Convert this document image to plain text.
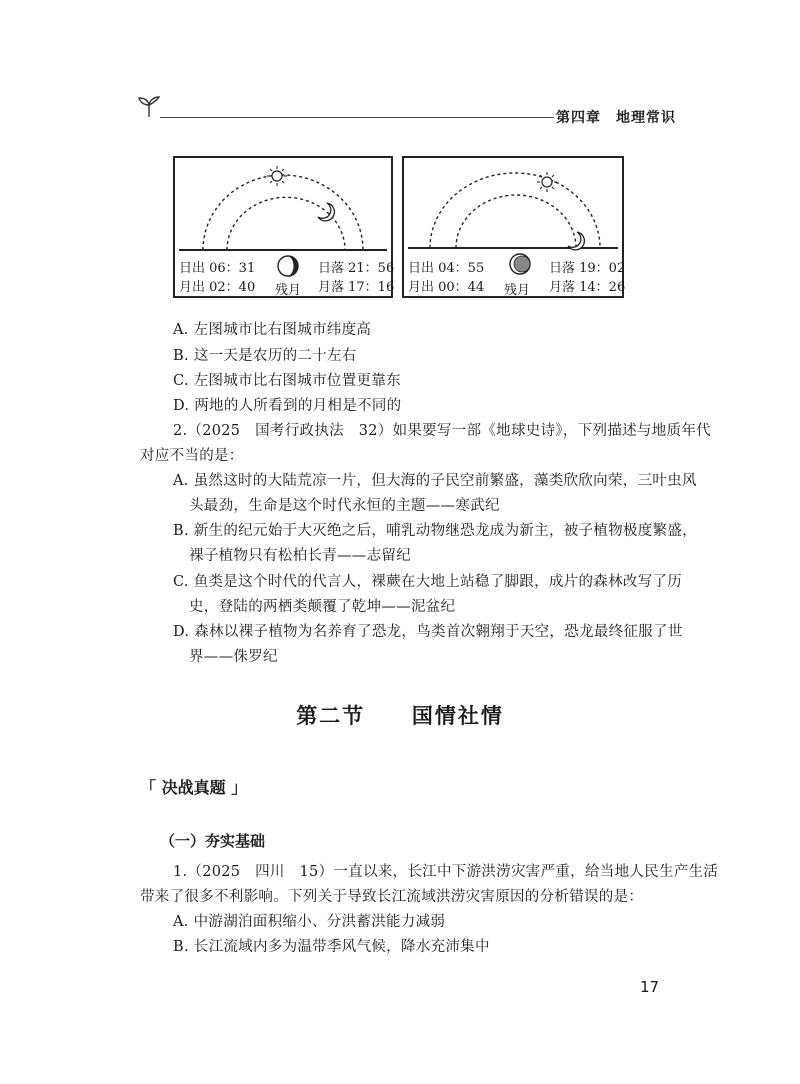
第四章　地理常识
日出 06：31
月出 02：40
日落 21：56
月落 17：16
残月
日出 04：55
月出 00：44
日落 19：02
月落 14：26
残月
A. 左图城市比右图城市纬度高
B. 这一天是农历的二十左右
C. 左图城市比右图城市位置更靠东
D. 两地的人所看到的月相是不同的
2.（2025　国考行政执法　32）如果要写一部《地球史诗》，下列描述与地质年代
对应不当的是：
A. 虽然这时的大陆荒凉一片，但大海的子民空前繁盛，藻类欣欣向荣，三叶虫风
头最劲，生命是这个时代永恒的主题——寒武纪
B. 新生的纪元始于大灭绝之后，哺乳动物继恐龙成为新主，被子植物极度繁盛，
裸子植物只有松柏长青——志留纪
C. 鱼类是这个时代的代言人，裸蕨在大地上站稳了脚跟，成片的森林改写了历
史，登陆的两栖类颠覆了乾坤——泥盆纪
D. 森林以裸子植物为名养育了恐龙，鸟类首次翱翔于天空，恐龙最终征服了世
界——侏罗纪
第二节 国情社情
「 决战真题 」
（一）夯实基础
1.（2025　四川　15）一直以来，长江中下游洪涝灾害严重，给当地人民生产生活
带来了很多不利影响。下列关于导致长江流域洪涝灾害原因的分析错误的是：
A. 中游湖泊面积缩小、分洪蓄洪能力减弱
B. 长江流域内多为温带季风气候，降水充沛集中
17
